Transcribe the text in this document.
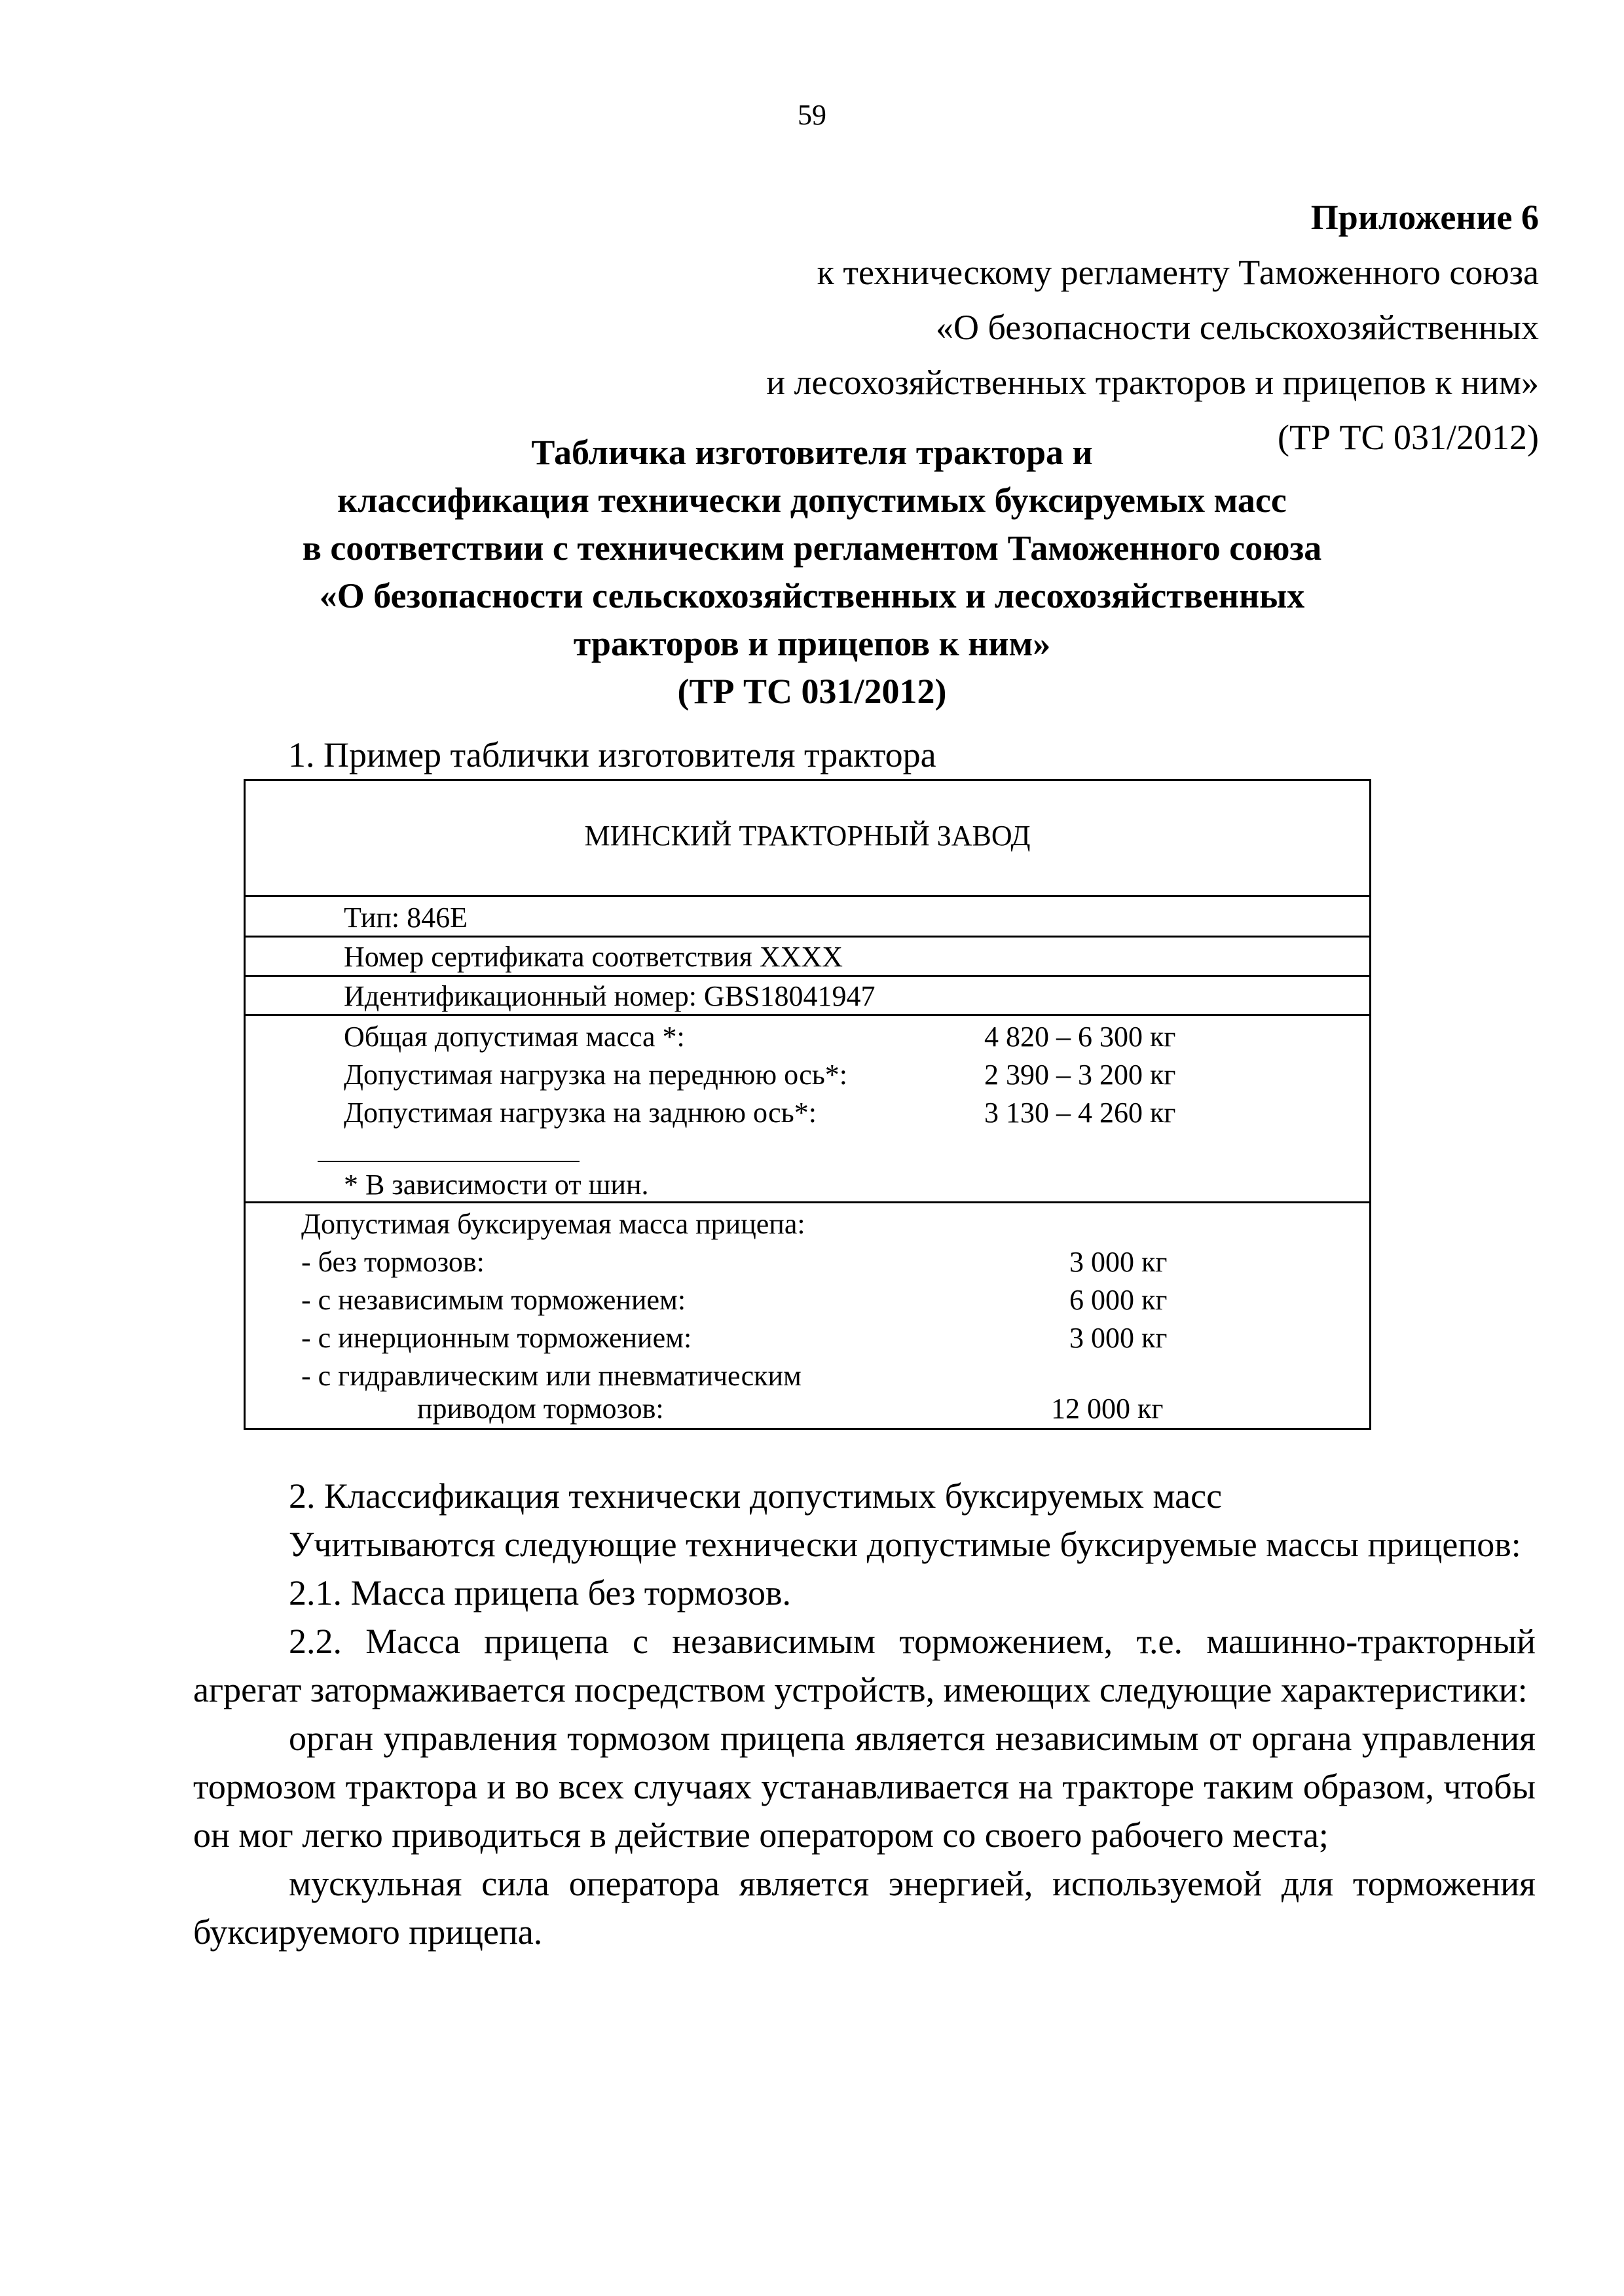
59
Приложение 6
к техническому регламенту Таможенного союза
«О безопасности сельскохозяйственных
и лесохозяйственных тракторов и прицепов к ним»
(ТР ТС 031/2012)
Табличка изготовителя трактора и
классификация технически допустимых буксируемых масс
в соответствии с техническим регламентом Таможенного союза
«О безопасности сельскохозяйственных и лесохозяйственных
тракторов и прицепов к ним»
(ТР ТС 031/2012)
1. Пример таблички изготовителя трактора
МИНСКИЙ ТРАКТОРНЫЙ ЗАВОД
Тип: 846Е
Номер сертификата соответствия XXXX
Идентификационный номер: GBS18041947
Общая допустимая масса *:	4 820 – 6 300 кг
Допустимая нагрузка на переднюю ось*:	2 390 – 3 200 кг
Допустимая нагрузка на заднюю ось*:	3 130 – 4 260 кг
* В зависимости от шин.
Допустимая буксируемая масса прицепа:
- без тормозов:	3 000 кг
- с независимым торможением:	6 000 кг
- с инерционным торможением:	3 000 кг
- с гидравлическим или пневматическим
приводом тормозов:	12 000 кг

2. Классификация технически допустимых буксируемых масс

Учитываются следующие технически допустимые буксируемые массы прицепов:

2.1. Масса прицепа без тормозов.

2.2. Масса прицепа с независимым торможением, т.е. машинно-тракторный агрегат затормаживается посредством устройств, имеющих следующие характеристики:

орган управления тормозом прицепа является независимым от органа управления тормозом трактора и во всех случаях устанавливается на тракторе таким образом, чтобы он мог легко приводиться в действие оператором со своего рабочего места;

мускульная сила оператора является энергией, используемой для торможения буксируемого прицепа.
